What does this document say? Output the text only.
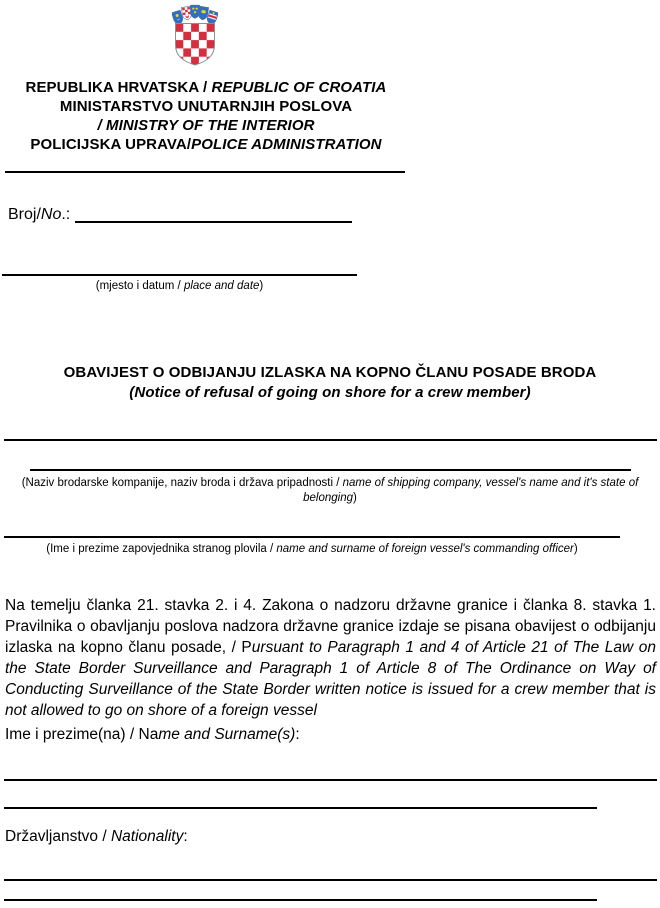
REPUBLIKA HRVATSKA / REPUBLIC OF CROATIA
MINISTARSTVO UNUTARNJIH POSLOVA
/ MINISTRY OF THE INTERIOR
POLICIJSKA UPRAVA/POLICE ADMINISTRATION
Broj/No.:
(mjesto i datum / place and date)
OBAVIJEST O ODBIJANJU IZLASKA NA KOPNO ČLANU POSADE BRODA
(Notice of refusal of going on shore for a crew member)
(Naziv brodarske kompanije, naziv broda i država pripadnosti / name of shipping company, vessel's name and it's state of belonging)
(Ime i prezime zapovjednika stranog plovila / name and surname of foreign vessel's commanding officer)
Na temelju članka 21. stavka 2. i 4. Zakona o nadzoru državne granice i članka 8. stavka 1. Pravilnika o obavljanju poslova nadzora državne granice izdaje se pisana obavijest o odbijanju izlaska na kopno članu posade, / Pursuant to Paragraph 1 and 4 of Article 21 of The Law on the State Border Surveillance and Paragraph 1 of Article 8 of The Ordinance on Way of Conducting Surveillance of the State Border written notice is issued for a crew member that is not allowed to go on shore of a foreign vessel
Ime i prezime(na) / Name and Surname(s):
Državljanstvo / Nationality:
